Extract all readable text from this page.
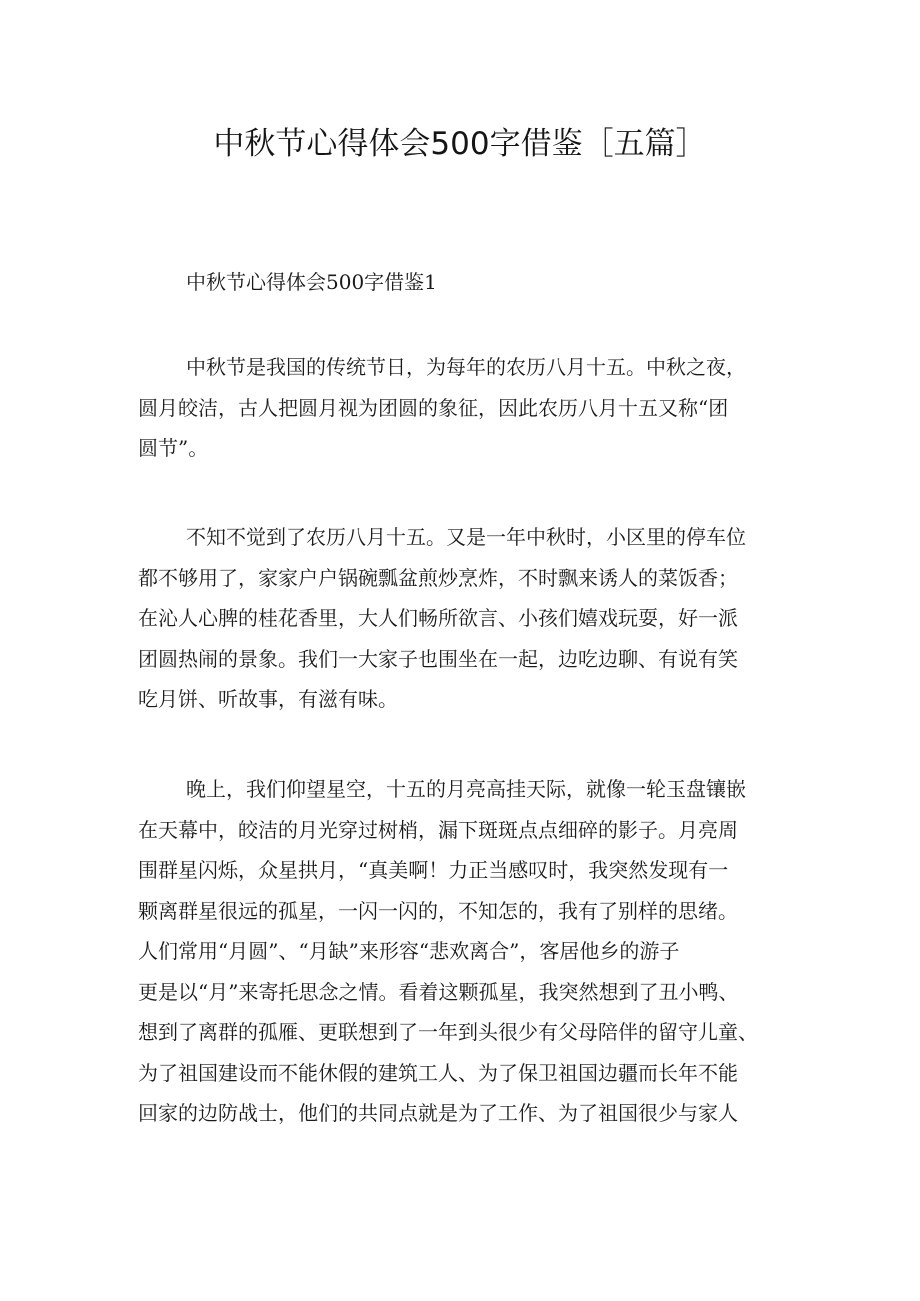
中秋节心得体会500字借鉴［五篇］
中秋节心得体会500字借鉴1

中秋节是我国的传统节日，为每年的农历八月十五。中秋之夜，
圆月皎洁，古人把圆月视为团圆的象征，因此农历八月十五又称“团
圆节”。

不知不觉到了农历八月十五。又是一年中秋时，小区里的停车位
都不够用了，家家户户锅碗瓢盆煎炒烹炸，不时飘来诱人的菜饭香；
在沁人心脾的桂花香里，大人们畅所欲言、小孩们嬉戏玩耍，好一派
团圆热闹的景象。我们一大家子也围坐在一起，边吃边聊、有说有笑
吃月饼、听故事，有滋有味。

晚上，我们仰望星空，十五的月亮高挂天际，就像一轮玉盘镶嵌
在天幕中，皎洁的月光穿过树梢，漏下斑斑点点细碎的影子。月亮周
围群星闪烁，众星拱月，“真美啊！力正当感叹时，我突然发现有一
颗离群星很远的孤星，一闪一闪的，不知怎的，我有了别样的思绪。
人们常用“月圆”、“月缺”来形容“悲欢离合”，客居他乡的游子
更是以“月”来寄托思念之情。看着这颗孤星，我突然想到了丑小鸭、
想到了离群的孤雁、更联想到了一年到头很少有父母陪伴的留守儿童、
为了祖国建设而不能休假的建筑工人、为了保卫祖国边疆而长年不能
回家的边防战士，他们的共同点就是为了工作、为了祖国很少与家人
